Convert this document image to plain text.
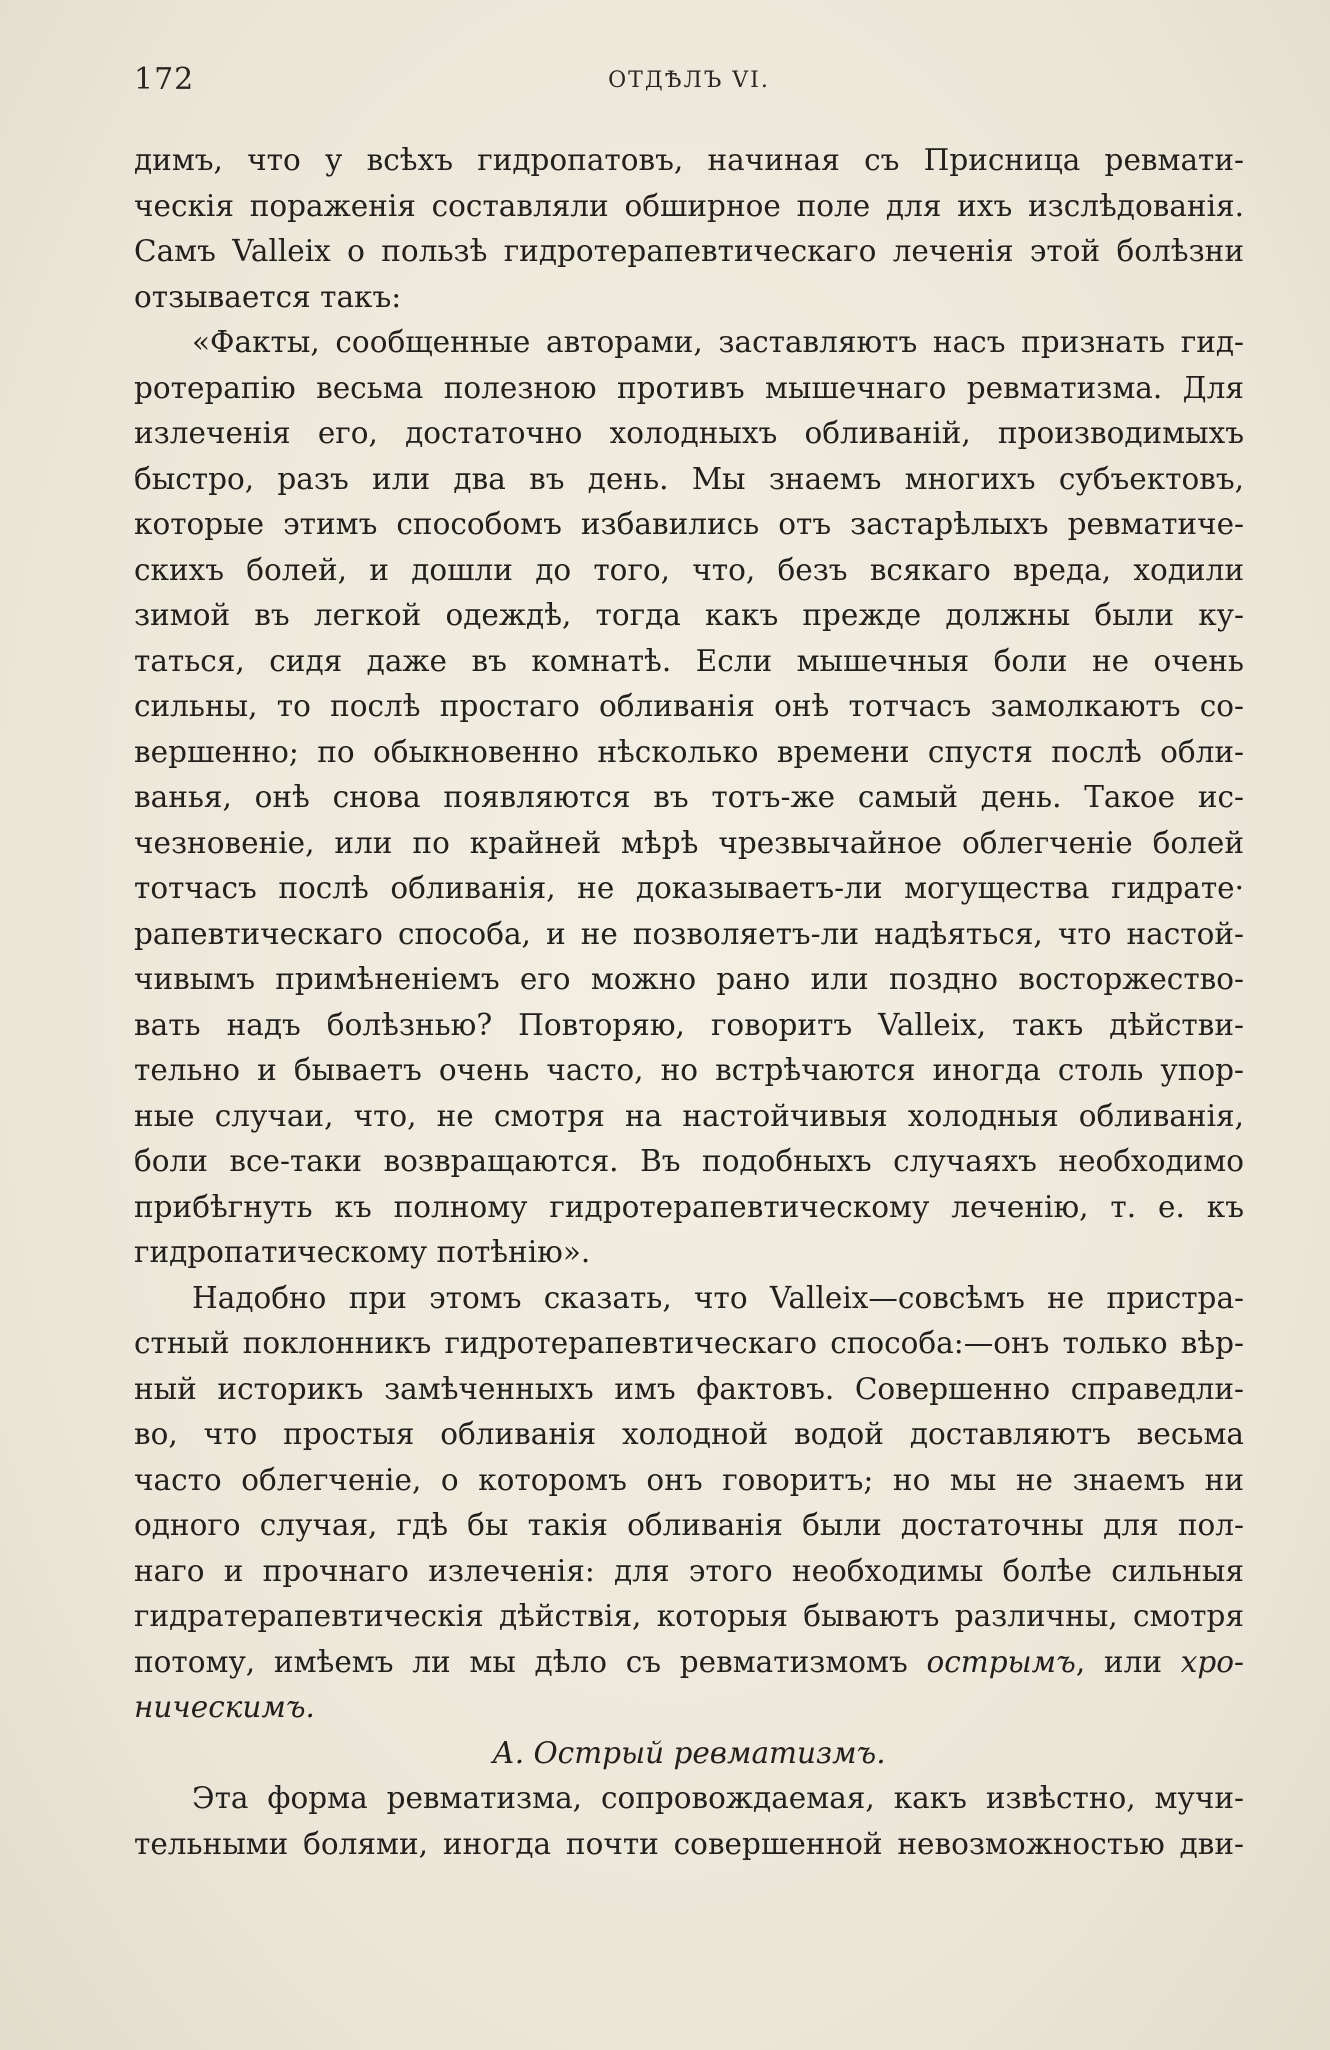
172	ОТДѢЛЪ VI.
димъ, что у всѣхъ гидропатовъ, начиная съ Присница ревмати-
ческія пораженія составляли обширное поле для ихъ изслѣдованія.
Самъ Valleix о пользѣ гидротерапевтическаго леченія этой болѣзни
отзывается такъ:
«Факты, сообщенные авторами, заставляютъ насъ признать гид-
ротерапію весьма полезною противъ мышечнаго ревматизма. Для
излеченія его, достаточно холодныхъ обливаній, производимыхъ
быстро, разъ или два въ день. Мы знаемъ многихъ субъектовъ,
которые этимъ способомъ избавились отъ застарѣлыхъ ревматиче-
скихъ болей, и дошли до того, что, безъ всякаго вреда, ходили
зимой въ легкой одеждѣ, тогда какъ прежде должны были ку-
таться, сидя даже въ комнатѣ. Если мышечныя боли не очень
сильны, то послѣ простаго обливанія онѣ тотчасъ замолкаютъ со-
вершенно; по обыкновенно нѣсколько времени спустя послѣ обли-
ванья, онѣ снова появляются въ тотъ-же самый день. Такое ис-
чезновеніе, или по крайней мѣрѣ чрезвычайное облегченіе болей
тотчасъ послѣ обливанія, не доказываетъ-ли могущества гидрате·
рапевтическаго способа, и не позволяетъ-ли надѣяться, что настой-
чивымъ примѣненіемъ его можно рано или поздно восторжество-
вать надъ болѣзнью? Повторяю, говоритъ Valleix, такъ дѣйстви-
тельно и бываетъ очень часто, но встрѣчаются иногда столь упор-
ные случаи, что, не смотря на настойчивыя холодныя обливанія,
боли все-таки возвращаются. Въ подобныхъ случаяхъ необходимо
прибѣгнуть къ полному гидротерапевтическому леченію, т. е. къ
гидропатическому потѣнію».
Надобно при этомъ сказать, что Valleix—совсѣмъ не пристра-
стный поклонникъ гидротерапевтическаго способа:—онъ только вѣр-
ный историкъ замѣченныхъ имъ фактовъ. Совершенно справедли-
во, что простыя обливанія холодной водой доставляютъ весьма
часто облегченіе, о которомъ онъ говоритъ; но мы не знаемъ ни
одного случая, гдѣ бы такія обливанія были достаточны для пол-
наго и прочнаго излеченія: для этого необходимы болѣе сильныя
гидратерапевтическія дѣйствія, которыя бываютъ различны, смотря
потому, имѣемъ ли мы дѣло съ ревматизмомъ острымъ, или хро-
ническимъ.
А. Острый ревматизмъ.
Эта форма ревматизма, сопровождаемая, какъ извѣстно, мучи-
тельными болями, иногда почти совершенной невозможностью дви-
